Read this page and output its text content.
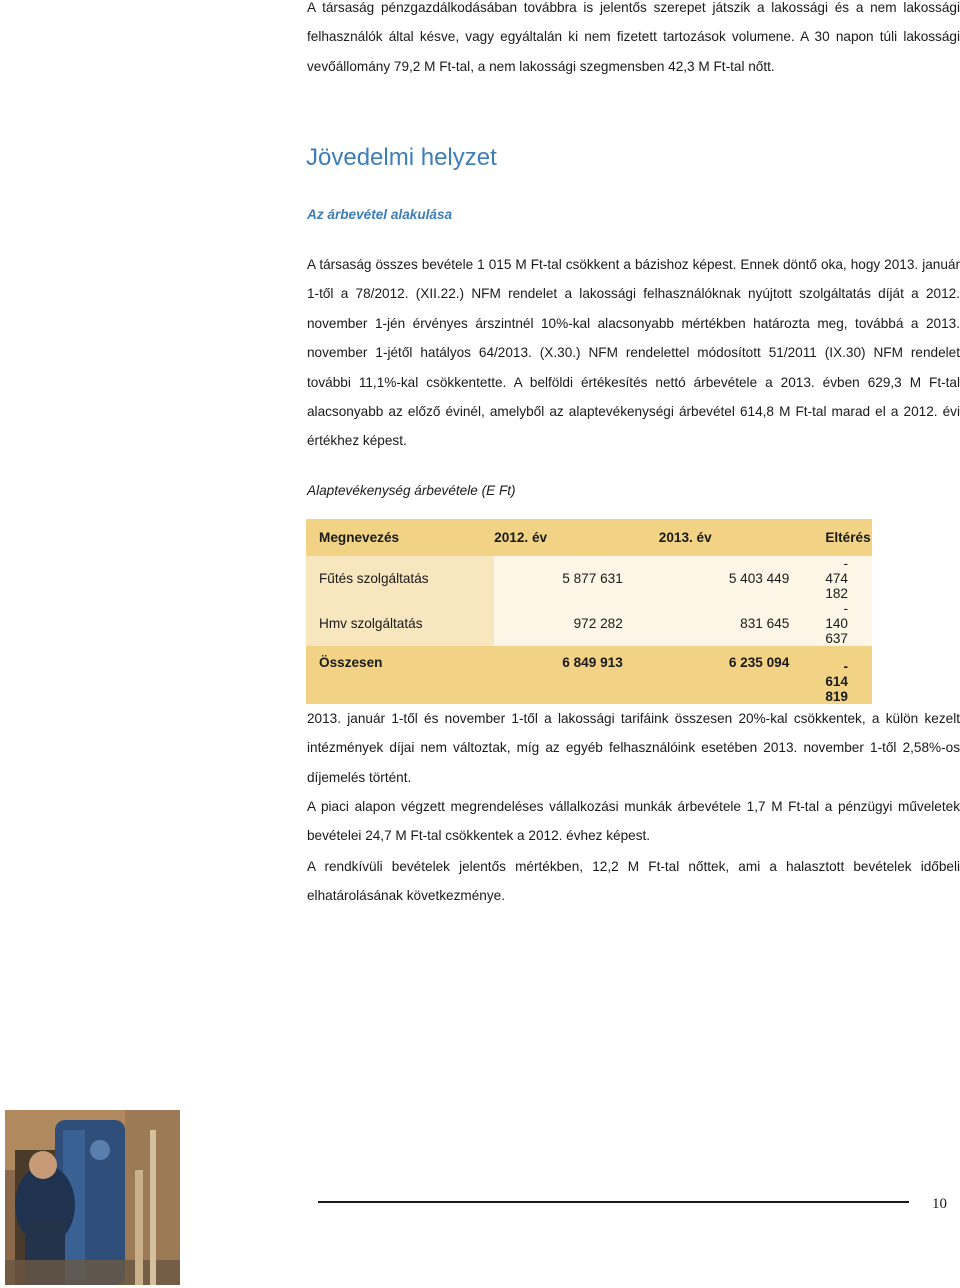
A társaság pénzgazdálkodásában továbbra is jelentős szerepet játszik a lakossági és a nem lakossági felhasználók által késve, vagy egyáltalán ki nem fizetett tartozások volumene. A 30 napon túli lakossági vevőállomány 79,2 M Ft-tal, a nem lakossági szegmensben 42,3 M Ft-tal nőtt.

Jövedelmi helyzet
Az árbevétel alakulása

A társaság összes bevétele 1 015 M Ft-tal csökkent a bázishoz képest. Ennek döntő oka, hogy 2013. január 1-től a 78/2012. (XII.22.) NFM rendelet a lakossági felhasználóknak nyújtott szolgáltatás díját a 2012. november 1-jén érvényes árszintnél 10%-kal alacsonyabb mértékben határozta meg, továbbá a 2013. november 1-jétől hatályos 64/2013. (X.30.) NFM rendelettel módosított 51/2011 (IX.30) NFM rendelet további 11,1%-kal csökkentette. A belföldi értékesítés nettó árbevétele a 2013. évben 629,3 M Ft-tal alacsonyabb az előző évinél, amelyből az alaptevékenységi árbevétel 614,8 M Ft-tal marad el a 2012. évi értékhez képest.

Alaptevékenység árbevétele (E Ft)

Megnevezés	2012. év	2013. év	Eltérés
Fűtés szolgáltatás	5 877 631	5 403 449	- 474 182
Hmv szolgáltatás	972 282	831 645	- 140 637
Összesen	6 849 913	6 235 094	- 614 819

2013. január 1-től és november 1-től a lakossági tarifáink összesen 20%-kal csökkentek, a külön kezelt intézmények díjai nem változtak, míg az egyéb felhasználóink esetében 2013. november 1-től 2,58%-os díjemelés történt.

A piaci alapon végzett megrendeléses vállalkozási munkák árbevétele 1,7 M Ft-tal a pénzügyi műveletek bevételei 24,7 M Ft-tal csökkentek a 2012. évhez képest.

A rendkívüli bevételek jelentős mértékben, 12,2 M Ft-tal nőttek, ami a halasztott bevételek időbeli elhatárolásának következménye.

10
